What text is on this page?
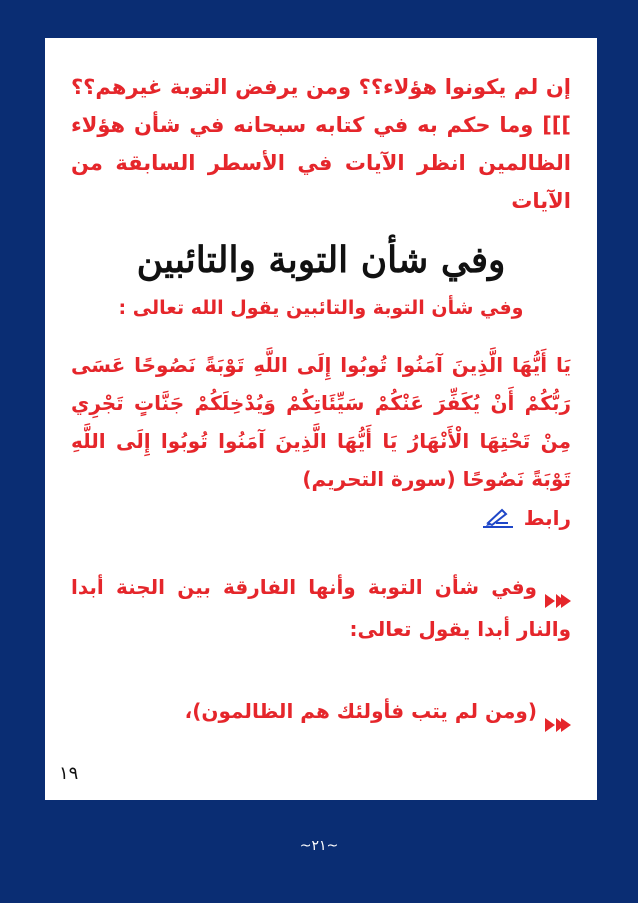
إن لم يكونوا هؤلاء؟؟ ومن يرفض التوبة غيرهم؟؟ ]]] وما حكم به في كتابه سبحانه في شأن هؤلاء الظالمين انظر الآيات في الأسطر السابقة من الآيات

وفي شأن التوبة والتائبين

وفي شأن التوبة والتائبين يقول الله تعالى :

يَا أَيُّهَا الَّذِينَ آمَنُوا تُوبُوا إِلَى اللَّهِ تَوْبَةً نَصُوحًا عَسَى رَبُّكُمْ أَنْ يُكَفِّرَ عَنْكُمْ سَيِّئَاتِكُمْ وَيُدْخِلَكُمْ جَنَّاتٍ تَجْرِي مِنْ تَحْتِهَا الْأَنْهَارُ يَا أَيُّهَا الَّذِينَ آمَنُوا تُوبُوا إِلَى اللَّهِ تَوْبَةً نَصُوحًا (سورة التحريم)

رابط

وفي شأن التوبة وأنها الفارقة بين الجنة أبدا والنار أبدا يقول تعالى:

(ومن لم يتب فأولئك هم الظالمون)،

١٩
~٢١~
